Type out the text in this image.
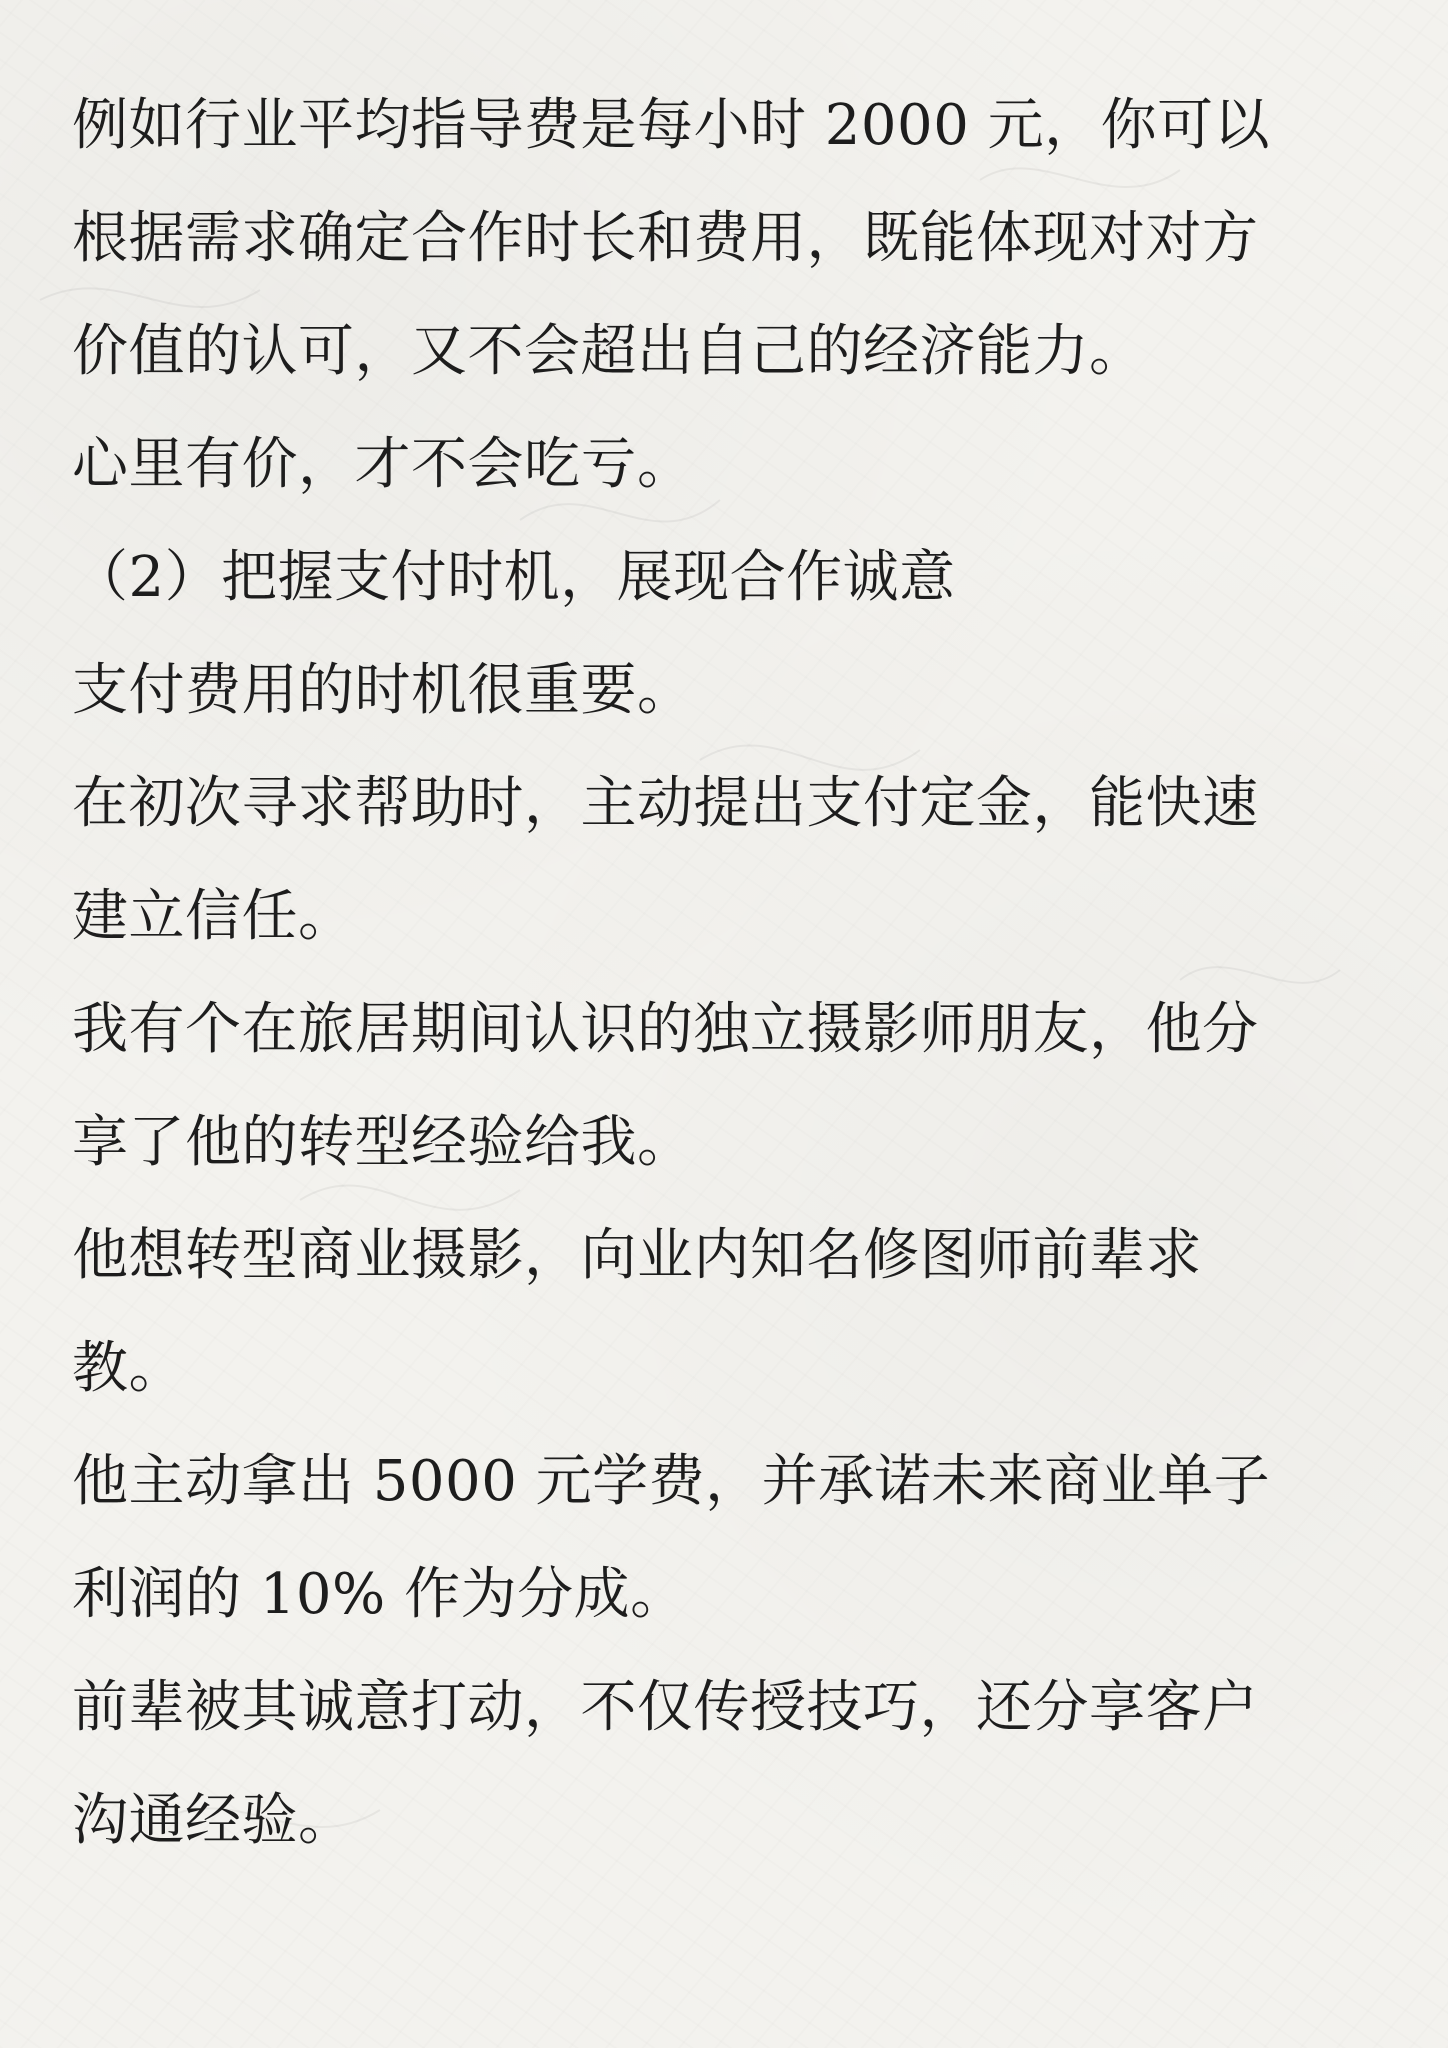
例如行业平均指导费是每小时 2000 元，你可以
根据需求确定合作时长和费用，既能体现对对方
价值的认可，又不会超出自己的经济能力。
心里有价，才不会吃亏。
（2）把握支付时机，展现合作诚意
支付费用的时机很重要。
在初次寻求帮助时，主动提出支付定金，能快速
建立信任。
我有个在旅居期间认识的独立摄影师朋友，他分
享了他的转型经验给我。
他想转型商业摄影，向业内知名修图师前辈求
教。
他主动拿出 5000 元学费，并承诺未来商业单子
利润的 10% 作为分成。
前辈被其诚意打动，不仅传授技巧，还分享客户
沟通经验。
